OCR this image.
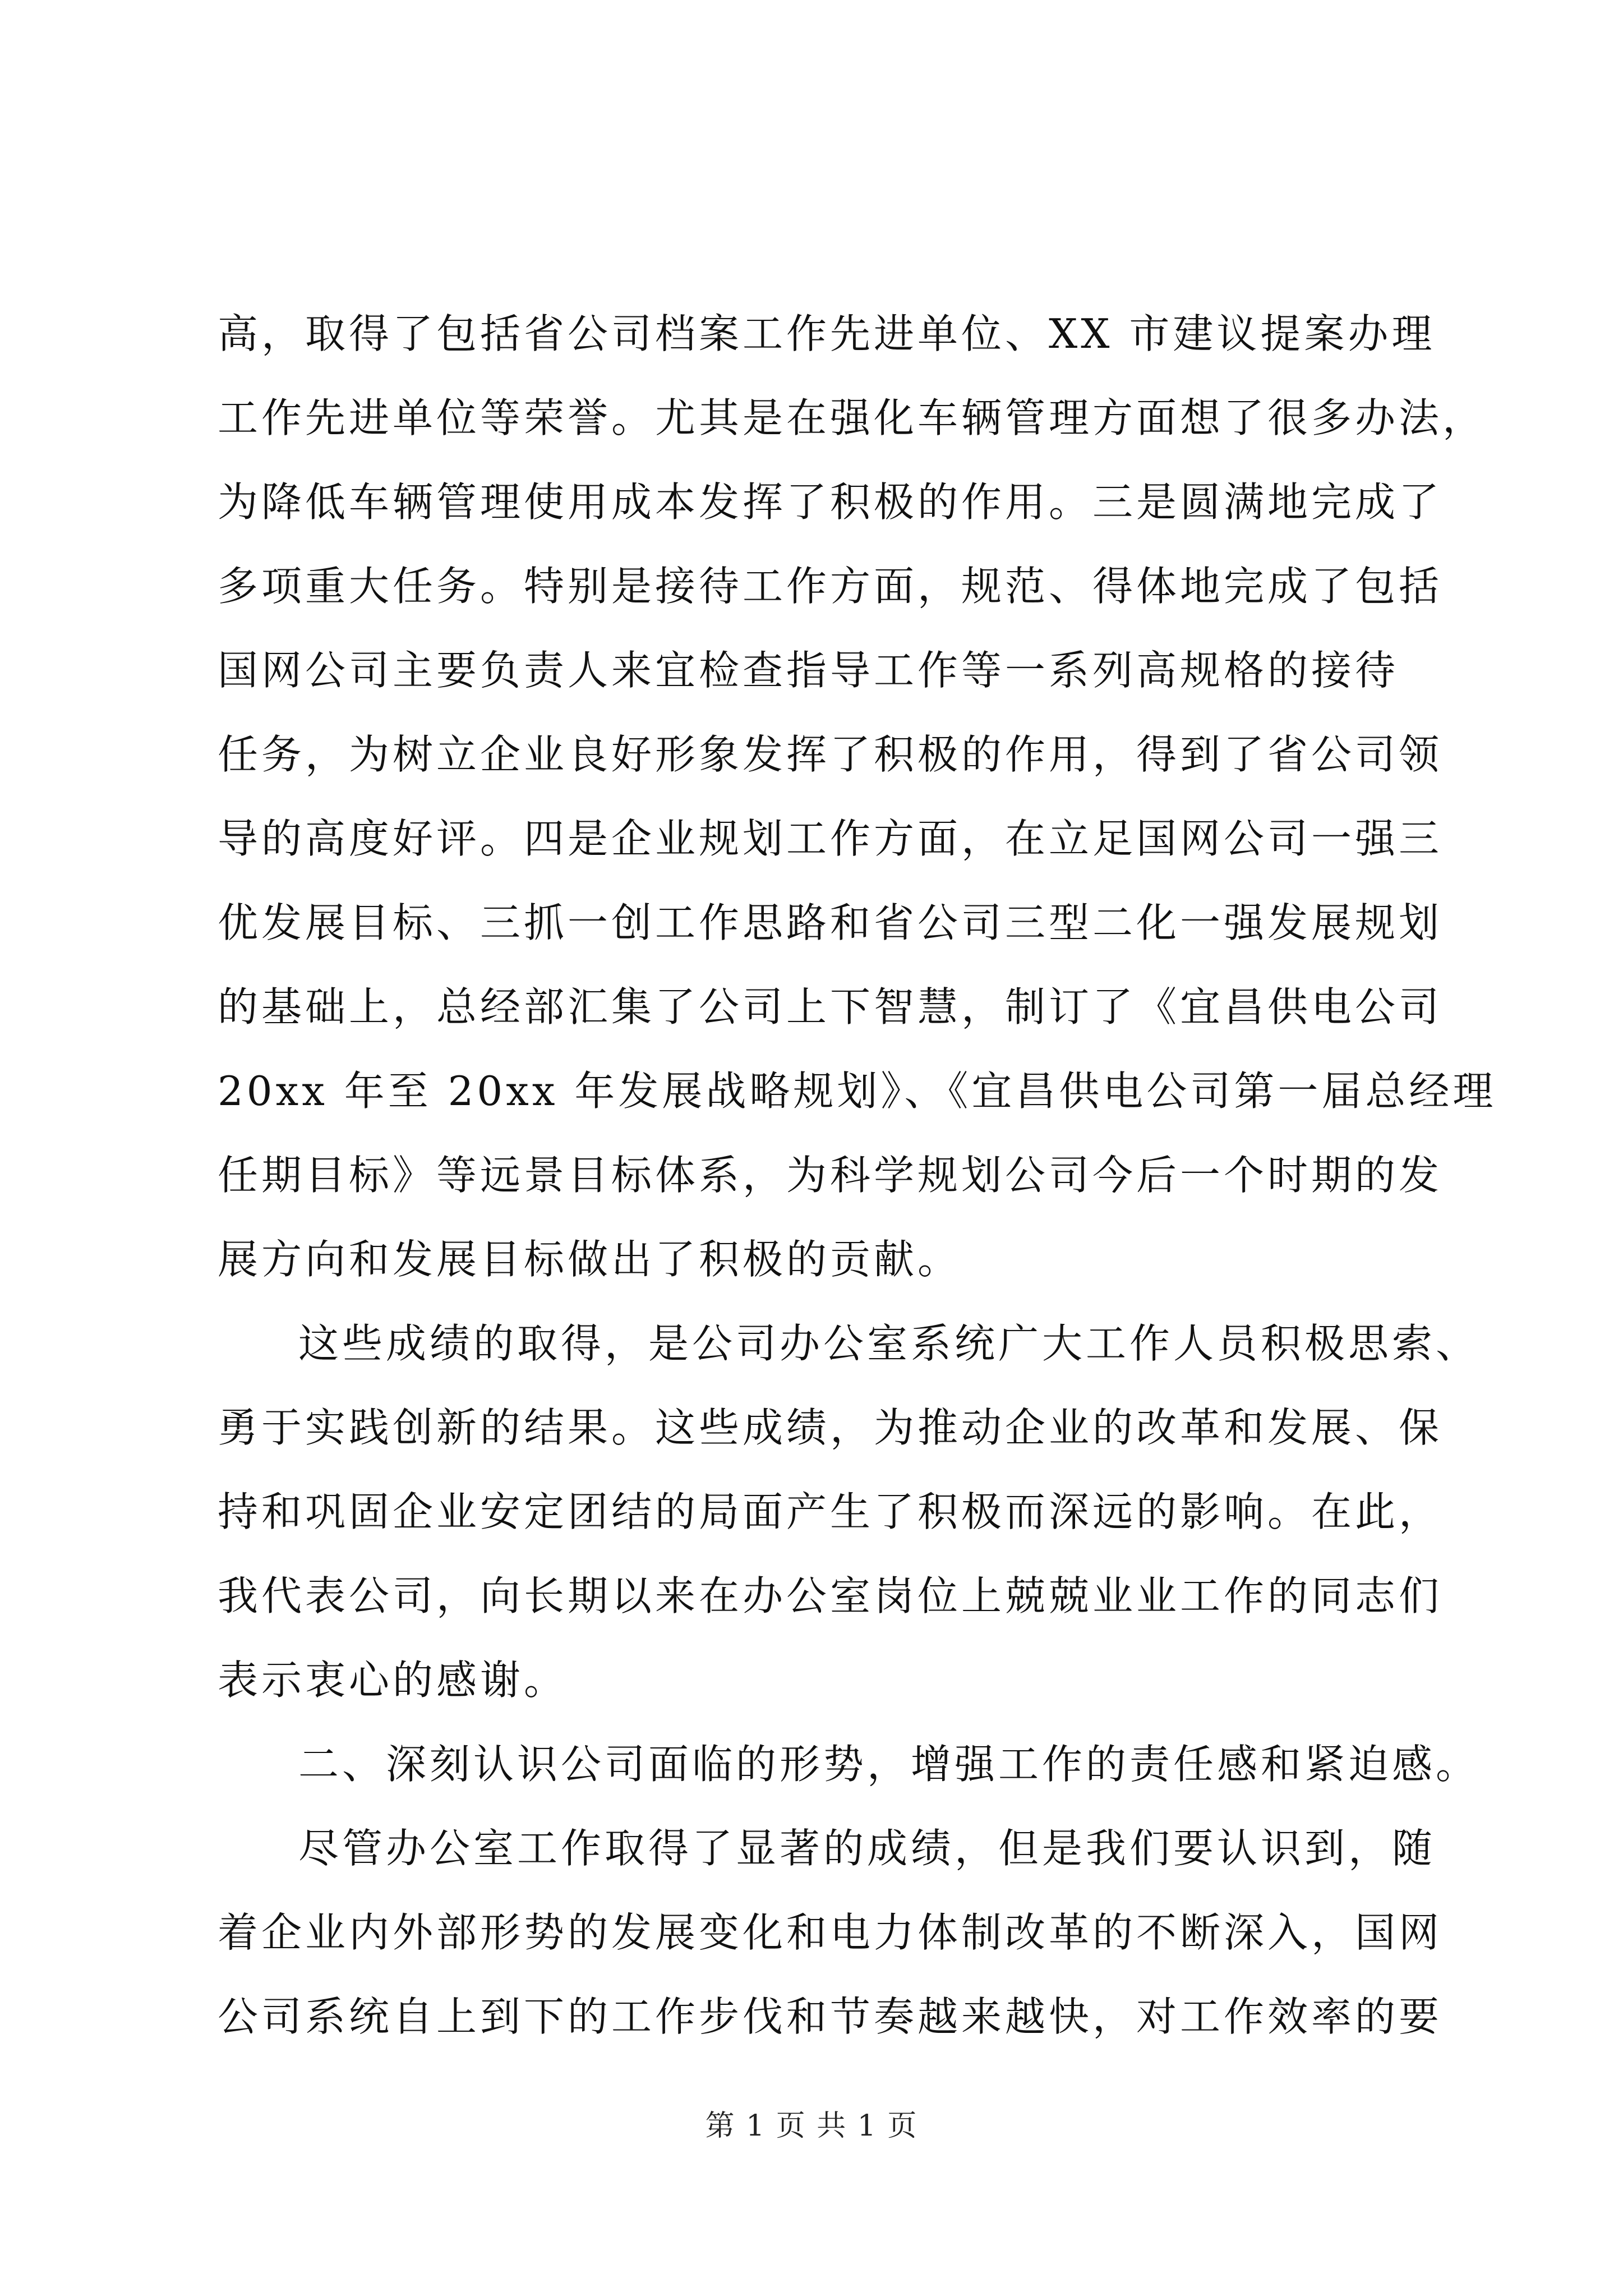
高，取得了包括省公司档案工作先进单位、XX 市建议提案办理
工作先进单位等荣誉。尤其是在强化车辆管理方面想了很多办法，
为降低车辆管理使用成本发挥了积极的作用。三是圆满地完成了
多项重大任务。特别是接待工作方面，规范、得体地完成了包括
国网公司主要负责人来宜检查指导工作等一系列高规格的接待
任务，为树立企业良好形象发挥了积极的作用，得到了省公司领
导的高度好评。四是企业规划工作方面，在立足国网公司一强三
优发展目标、三抓一创工作思路和省公司三型二化一强发展规划
的基础上，总经部汇集了公司上下智慧，制订了《宜昌供电公司
20xx 年至 20xx 年发展战略规划》、《宜昌供电公司第一届总经理
任期目标》等远景目标体系，为科学规划公司今后一个时期的发
展方向和发展目标做出了积极的贡献。
这些成绩的取得，是公司办公室系统广大工作人员积极思索、
勇于实践创新的结果。这些成绩，为推动企业的改革和发展、保
持和巩固企业安定团结的局面产生了积极而深远的影响。在此，
我代表公司，向长期以来在办公室岗位上兢兢业业工作的同志们
表示衷心的感谢。
二、深刻认识公司面临的形势，增强工作的责任感和紧迫感。
尽管办公室工作取得了显著的成绩，但是我们要认识到，随
着企业内外部形势的发展变化和电力体制改革的不断深入，国网
公司系统自上到下的工作步伐和节奏越来越快，对工作效率的要
第 1 页 共 1 页
